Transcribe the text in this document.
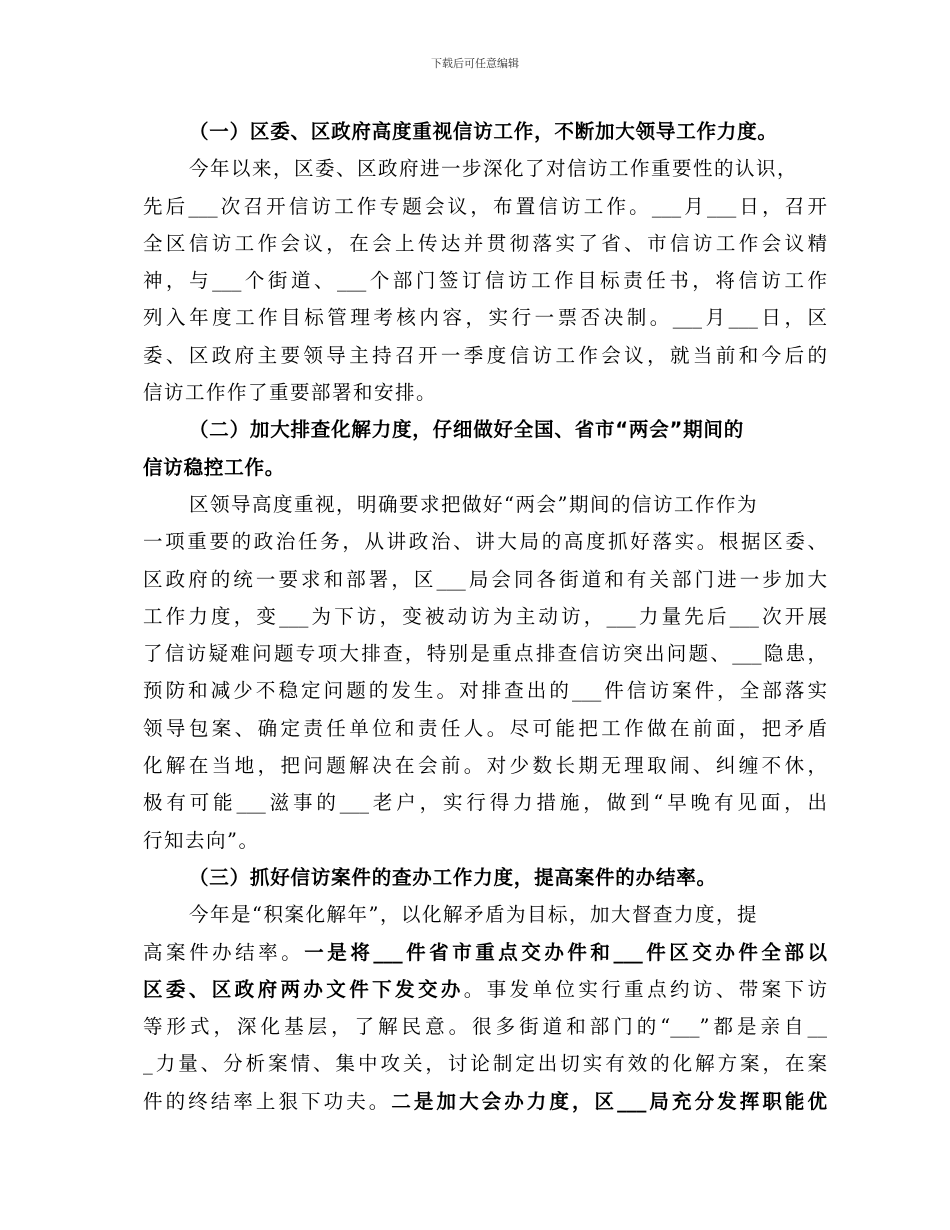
下载后可任意编辑
（一）区委、区政府高度重视信访工作，不断加大领导工作力度。
今年以来，区委、区政府进一步深化了对信访工作重要性的认识，
先后___次召开信访工作专题会议，布置信访工作。___月___日，召开
全区信访工作会议，在会上传达并贯彻落实了省、市信访工作会议精
神，与___个街道、___个部门签订信访工作目标责任书，将信访工作
列入年度工作目标管理考核内容，实行一票否决制。___月___日，区
委、区政府主要领导主持召开一季度信访工作会议，就当前和今后的
信访工作作了重要部署和安排。
（二）加大排查化解力度，仔细做好全国、省市“两会”期间的
信访稳控工作。
区领导高度重视，明确要求把做好“两会”期间的信访工作作为
一项重要的政治任务，从讲政治、讲大局的高度抓好落实。根据区委、
区政府的统一要求和部署，区___局会同各街道和有关部门进一步加大
工作力度，变___为下访，变被动访为主动访，___力量先后___次开展
了信访疑难问题专项大排查，特别是重点排查信访突出问题、___隐患，
预防和减少不稳定问题的发生。对排查出的___件信访案件，全部落实
领导包案、确定责任单位和责任人。尽可能把工作做在前面，把矛盾
化解在当地，把问题解决在会前。对少数长期无理取闹、纠缠不休，
极有可能___滋事的___老户，实行得力措施，做到“早晚有见面，出
行知去向”。
（三）抓好信访案件的查办工作力度，提高案件的办结率。
今年是“积案化解年”，以化解矛盾为目标，加大督查力度，提
高案件办结率。一是将___件省市重点交办件和___件区交办件全部以
区委、区政府两办文件下发交办。事发单位实行重点约访、带案下访
等形式，深化基层，了解民意。很多街道和部门的“___”都是亲自__
_力量、分析案情、集中攻关，讨论制定出切实有效的化解方案，在案
件的终结率上狠下功夫。二是加大会办力度，区___局充分发挥职能优
